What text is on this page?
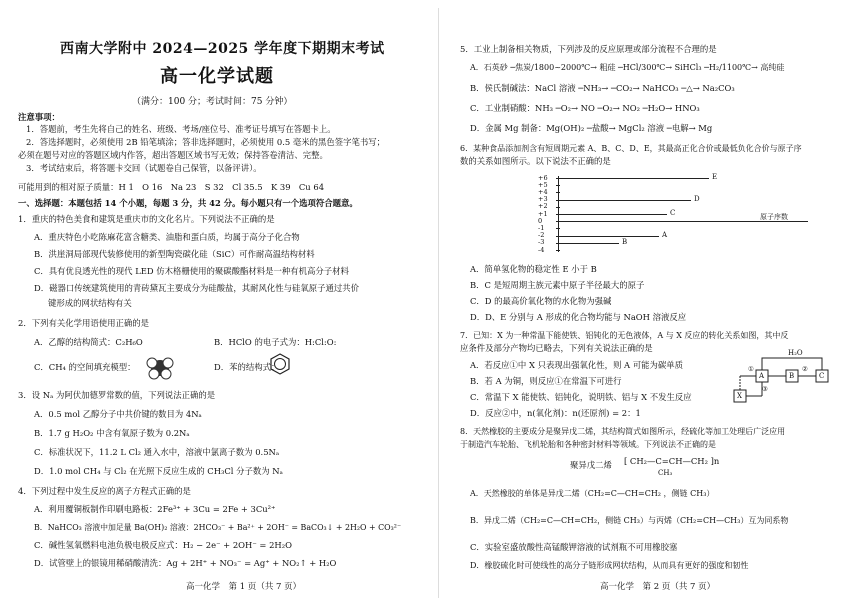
西南大学附中 2024—2025 学年度下期期末考试
高一化学试题
（满分：100 分；考试时间：75 分钟）
注意事项：
1．答题前，考生先将自己的姓名、班级、考场/座位号、准考证号填写在答题卡上。
2．答选择题时，必须使用 2B 铅笔填涂；答非选择题时，必须使用 0.5 毫米的黑色签字笔书写；
必须在题号对应的答题区域内作答，超出答题区域书写无效；保持答卷清洁、完整。
3．考试结束后，将答题卡交回（试题卷自己保管，以备评讲）。
可能用到的相对原子质量：H 1　O 16　Na 23　S 32　Cl 35.5　K 39　Cu 64
一、选择题：本题包括 14 个小题，每题 3 分，共 42 分。每小题只有一个选项符合题意。
1．重庆的特色美食和建筑是重庆市的文化名片。下列说法不正确的是
A．重庆特色小吃陈麻花富含糖类、油脂和蛋白质，均属于高分子化合物
B．洪崖洞局部现代装修使用的新型陶瓷碳化硅（SiC）可作耐高温结构材料
C．具有优良透光性的现代 LED 仿木格栅使用的聚碳酸酯材料是一种有机高分子材料
D．磁器口传统建筑使用的青砖黛瓦主要成分为硅酸盐，其耐风化性与硅氧原子通过共价
键形成的网状结构有关
2．下列有关化学用语使用正确的是
A．乙醇的结构简式：C₂H₆O	B．HClO 的电子式为：H:Cl:O:
C．CH₄ 的空间填充模型：	D．苯的结构式：
3．设 Nₐ 为阿伏加德罗常数的值，下列说法正确的是
A．0.5 mol 乙醇分子中共价键的数目为 4Nₐ
B．1.7 g H₂O₂ 中含有氧原子数为 0.2Nₐ
C．标准状况下，11.2 L Cl₂ 通入水中，溶液中氯离子数为 0.5Nₐ
D．1.0 mol CH₄ 与 Cl₂ 在光照下反应生成的 CH₃Cl 分子数为 Nₐ
4．下列过程中发生反应的离子方程式正确的是
A．利用覆铜板制作印刷电路板：2Fe³⁺ + 3Cu = 2Fe + 3Cu²⁺
B．NaHCO₃ 溶液中加足量 Ba(OH)₂ 溶液：2HCO₃⁻ + Ba²⁺ + 2OH⁻ = BaCO₃↓ + 2H₂O + CO₃²⁻
C．碱性氢氧燃料电池负极电极反应式：H₂ − 2e⁻ + 2OH⁻ = 2H₂O
D．试管壁上的银镜用稀硝酸清洗：Ag + 2H⁺ + NO₃⁻ = Ag⁺ + NO₂↑ + H₂O
高一化学　第 1 页（共 7 页）
5．工业上制备相关物质，下列涉及的反应原理或部分流程不合理的是
A．石英砂 ─焦炭/1800~2000℃→ 粗硅 ─HCl/300℃→ SiHCl₃ ─H₂/1100℃→ 高纯硅
B．侯氏制碱法：NaCl 溶液 ─NH₃→ ─CO₂→ NaHCO₃ ─△→ Na₂CO₃
C．工业制硝酸：NH₃ ─O₂→ NO ─O₂→ NO₂ ─H₂O→ HNO₃
D．金属 Mg 制备：Mg(OH)₂ ─盐酸→ MgCl₂ 溶液 ─电解→ Mg
6．某种食品添加剂含有短周期元素 A、B、C、D、E，其最高正化合价或最低负化合价与原子序
数的关系如图所示。以下说法不正确的是
+6
+5
+4
+3
+2
+1
0
-1
-2
-3
-4
A
B
C
D
E
原子序数
A．简单氢化物的稳定性 E 小于 B
B．C 是短周期主族元素中原子半径最大的原子
C．D 的最高价氧化物的水化物为强碱
D．D、E 分别与 A 形成的化合物均能与 NaOH 溶液反应
7．已知：X 为一种常温下能使铁、铝钝化的无色液体，A 与 X 反应的转化关系如图，其中反
应条件及部分产物均已略去，下列有关说法正确的是
A．若反应①中 X 只表现出强氧化性，则 A 可能为碳单质
B．若 A 为铜，则反应①在常温下可进行
C．常温下 X 能使铁、铝钝化，说明铁、铝与 X 不发生反应
D．反应②中，n(氧化剂)：n(还原剂) = 2：1
H₂O
A	B	C
X
①	②
③
8．天然橡胶的主要成分是聚异戊二烯，其结构简式如图所示，经硫化等加工处理后广泛应用
于制造汽车轮胎、飞机轮胎和各种密封材料等领域。下列说法不正确的是
聚异戊二烯 [ CH₂—C=CH—CH₂ ]n
CH₃
A．天然橡胶的单体是异戊二烯（CH₂=C—CH=CH₂ ，侧链 CH₃）
B．异戊二烯（CH₂=C—CH=CH₂，侧链 CH₃）与丙烯（CH₂=CH—CH₃）互为同系物
C．实验室盛放酸性高锰酸钾溶液的试剂瓶不可用橡胶塞
D．橡胶硫化时可使线性的高分子链形成网状结构，从而具有更好的强度和韧性
高一化学　第 2 页（共 7 页）
